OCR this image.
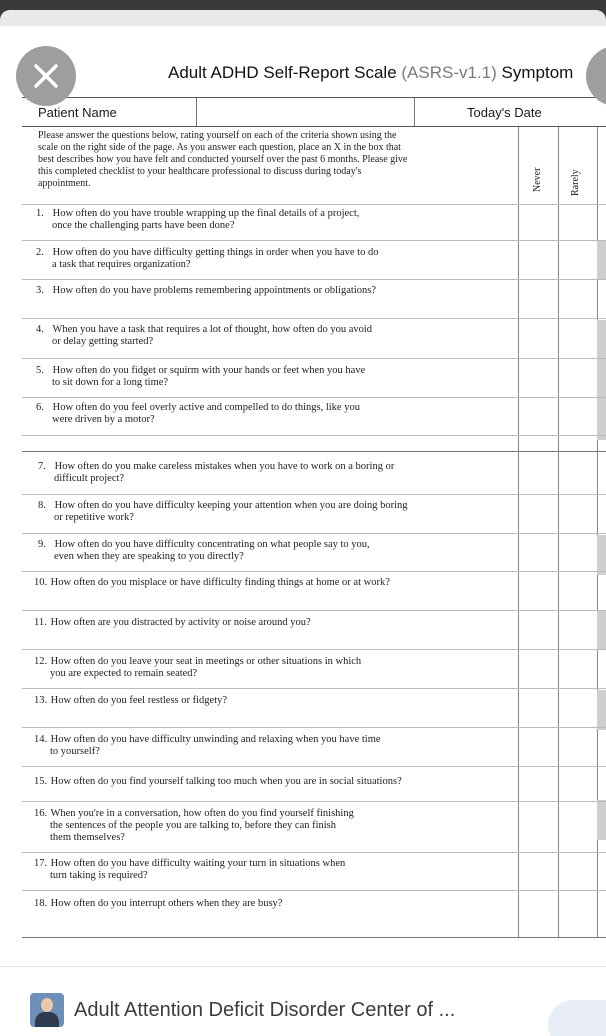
Adult ADHD Self-Report Scale (ASRS-v1.1) Symptom
Patient Name	Today's Date
Please answer the questions below, rating yourself on each of the criteria shown using the
scale on the right side of the page. As you answer each question, place an X in the box that
best describes how you have felt and conducted yourself over the past 6 months. Please give
this completed checklist to your healthcare professional to discuss during today's
appointment.	Never	Rarely
1. How often do you have trouble wrapping up the final details of a project,
once the challenging parts have been done?
2. How often do you have difficulty getting things in order when you have to do
a task that requires organization?
3. How often do you have problems remembering appointments or obligations?
4. When you have a task that requires a lot of thought, how often do you avoid
or delay getting started?
5. How often do you fidget or squirm with your hands or feet when you have
to sit down for a long time?
6. How often do you feel overly active and compelled to do things, like you
were driven by a motor?
7. How often do you make careless mistakes when you have to work on a boring or
difficult project?
8. How often do you have difficulty keeping your attention when you are doing boring
or repetitive work?
9. How often do you have difficulty concentrating on what people say to you,
even when they are speaking to you directly?
10. How often do you misplace or have difficulty finding things at home or at work?
11. How often are you distracted by activity or noise around you?
12. How often do you leave your seat in meetings or other situations in which
you are expected to remain seated?
13. How often do you feel restless or fidgety?
14. How often do you have difficulty unwinding and relaxing when you have time
to yourself?
15. How often do you find yourself talking too much when you are in social situations?
16. When you're in a conversation, how often do you find yourself finishing
the sentences of the people you are talking to, before they can finish
them themselves?
17. How often do you have difficulty waiting your turn in situations when
turn taking is required?
18. How often do you interrupt others when they are busy?
Adult Attention Deficit Disorder Center of ...
